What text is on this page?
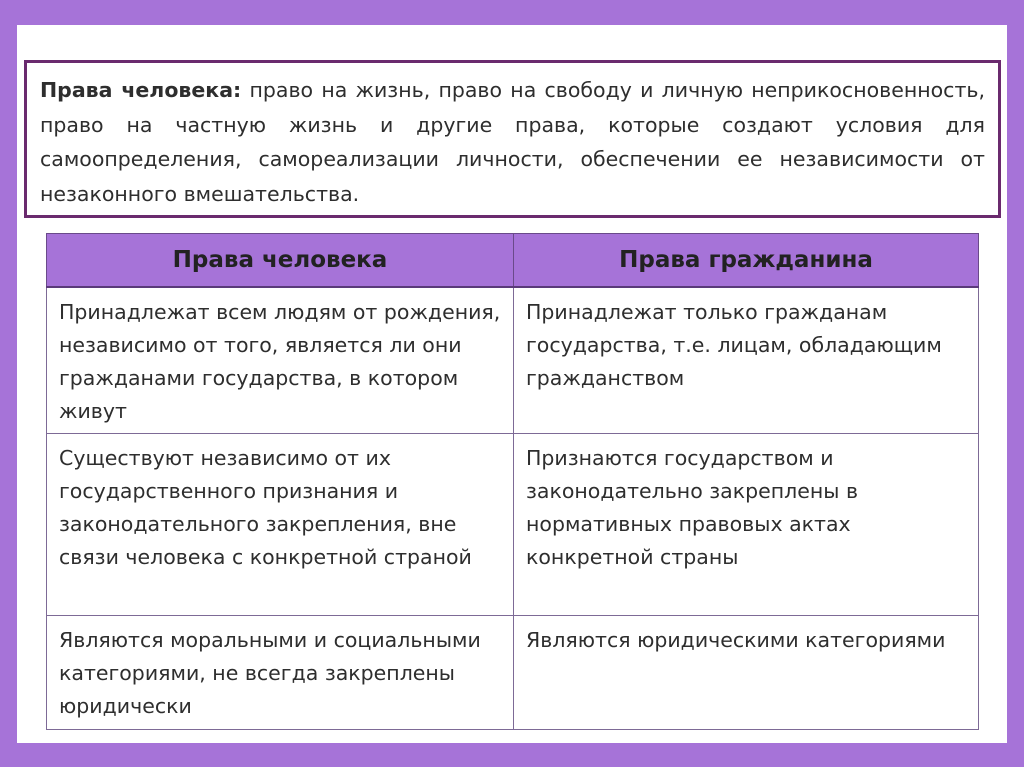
Права человека: право на жизнь, право на свободу и личную неприкосновенность, право на частную жизнь и другие права, которые создают условия для самоопределения, самореализации личности, обеспечении ее независимости от незаконного вмешательства.
Права человека	Права гражданина
Принадлежат всем людям от рождения, независимо от того, является ли они гражданами государства, в котором живут	Принадлежат только гражданам государства, т.е. лицам, обладающим гражданством
Существуют независимо от их государственного признания и законодательного закрепления, вне связи человека с конкретной страной	Признаются государством и законодательно закреплены в нормативных правовых актах конкретной страны
Являются моральными и социальными категориями, не всегда закреплены юридически	Являются юридическими категориями
